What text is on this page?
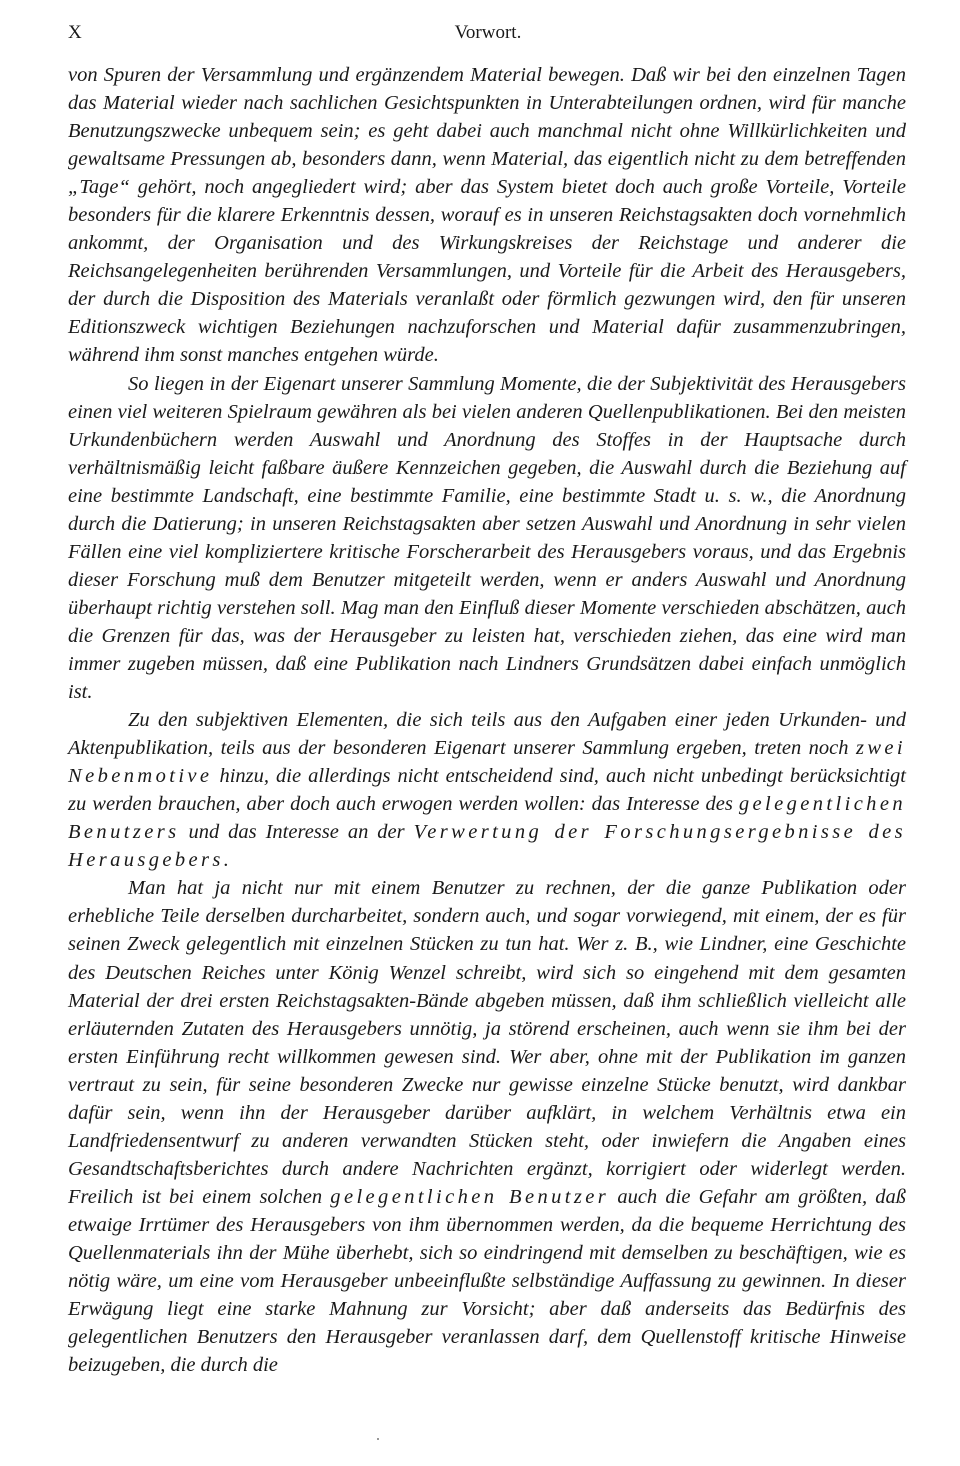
X	Vorwort.

von Spuren der Versammlung und ergänzendem Material bewegen. Daß wir bei den einzelnen Tagen das Material wieder nach sachlichen Gesichtspunkten in Unterabteilungen ordnen, wird für manche Benutzungszwecke unbequem sein; es geht dabei auch manchmal nicht ohne Willkürlichkeiten und gewaltsame Pressungen ab, besonders dann, wenn Material, das eigentlich nicht zu dem betreffenden „Tage“ gehört, noch angegliedert wird; aber das System bietet doch auch große Vorteile, Vorteile besonders für die klarere Erkenntnis dessen, worauf es in unseren Reichstagsakten doch vornehmlich ankommt, der Organisation und des Wirkungskreises der Reichstage und anderer die Reichsangelegenheiten berührenden Versammlungen, und Vorteile für die Arbeit des Herausgebers, der durch die Disposition des Materials veranlaßt oder förmlich gezwungen wird, den für unseren Editionszweck wichtigen Beziehungen nachzuforschen und Material dafür zusammenzubringen, während ihm sonst manches entgehen würde.

So liegen in der Eigenart unserer Sammlung Momente, die der Subjektivität des Herausgebers einen viel weiteren Spielraum gewähren als bei vielen anderen Quellenpublikationen. Bei den meisten Urkundenbüchern werden Auswahl und Anordnung des Stoffes in der Hauptsache durch verhältnismäßig leicht faßbare äußere Kennzeichen gegeben, die Auswahl durch die Beziehung auf eine bestimmte Landschaft, eine bestimmte Familie, eine bestimmte Stadt u. s. w., die Anordnung durch die Datierung; in unseren Reichstagsakten aber setzen Auswahl und Anordnung in sehr vielen Fällen eine viel kompliziertere kritische Forscherarbeit des Herausgebers voraus, und das Ergebnis dieser Forschung muß dem Benutzer mitgeteilt werden, wenn er anders Auswahl und Anordnung überhaupt richtig verstehen soll. Mag man den Einfluß dieser Momente verschieden abschätzen, auch die Grenzen für das, was der Herausgeber zu leisten hat, verschieden ziehen, das eine wird man immer zugeben müssen, daß eine Publikation nach Lindners Grundsätzen dabei einfach unmöglich ist.

Zu den subjektiven Elementen, die sich teils aus den Aufgaben einer jeden Urkunden- und Aktenpublikation, teils aus der besonderen Eigenart unserer Sammlung ergeben, treten noch zwei Nebenmotive hinzu, die allerdings nicht entscheidend sind, auch nicht unbedingt berücksichtigt zu werden brauchen, aber doch auch erwogen werden wollen: das Interesse des gelegentlichen Benutzers und das Interesse an der Verwertung der Forschungsergebnisse des Herausgebers.

Man hat ja nicht nur mit einem Benutzer zu rechnen, der die ganze Publikation oder erhebliche Teile derselben durcharbeitet, sondern auch, und sogar vorwiegend, mit einem, der es für seinen Zweck gelegentlich mit einzelnen Stücken zu tun hat. Wer z. B., wie Lindner, eine Geschichte des Deutschen Reiches unter König Wenzel schreibt, wird sich so eingehend mit dem gesamten Material der drei ersten Reichstagsakten-Bände abgeben müssen, daß ihm schließlich vielleicht alle erläuternden Zutaten des Herausgebers unnötig, ja störend erscheinen, auch wenn sie ihm bei der ersten Einführung recht willkommen gewesen sind. Wer aber, ohne mit der Publikation im ganzen vertraut zu sein, für seine besonderen Zwecke nur gewisse einzelne Stücke benutzt, wird dankbar dafür sein, wenn ihn der Herausgeber darüber aufklärt, in welchem Verhältnis etwa ein Landfriedensentwurf zu anderen verwandten Stücken steht, oder inwiefern die Angaben eines Gesandtschaftsberichtes durch andere Nachrichten ergänzt, korrigiert oder widerlegt werden. Freilich ist bei einem solchen gelegentlichen Benutzer auch die Gefahr am größten, daß etwaige Irrtümer des Herausgebers von ihm übernommen werden, da die bequeme Herrichtung des Quellenmaterials ihn der Mühe überhebt, sich so eindringend mit demselben zu beschäftigen, wie es nötig wäre, um eine vom Herausgeber unbeeinflußte selbständige Auffassung zu gewinnen. In dieser Erwägung liegt eine starke Mahnung zur Vorsicht; aber daß anderseits das Bedürfnis des gelegentlichen Benutzers den Herausgeber veranlassen darf, dem Quellenstoff kritische Hinweise beizugeben, die durch die
